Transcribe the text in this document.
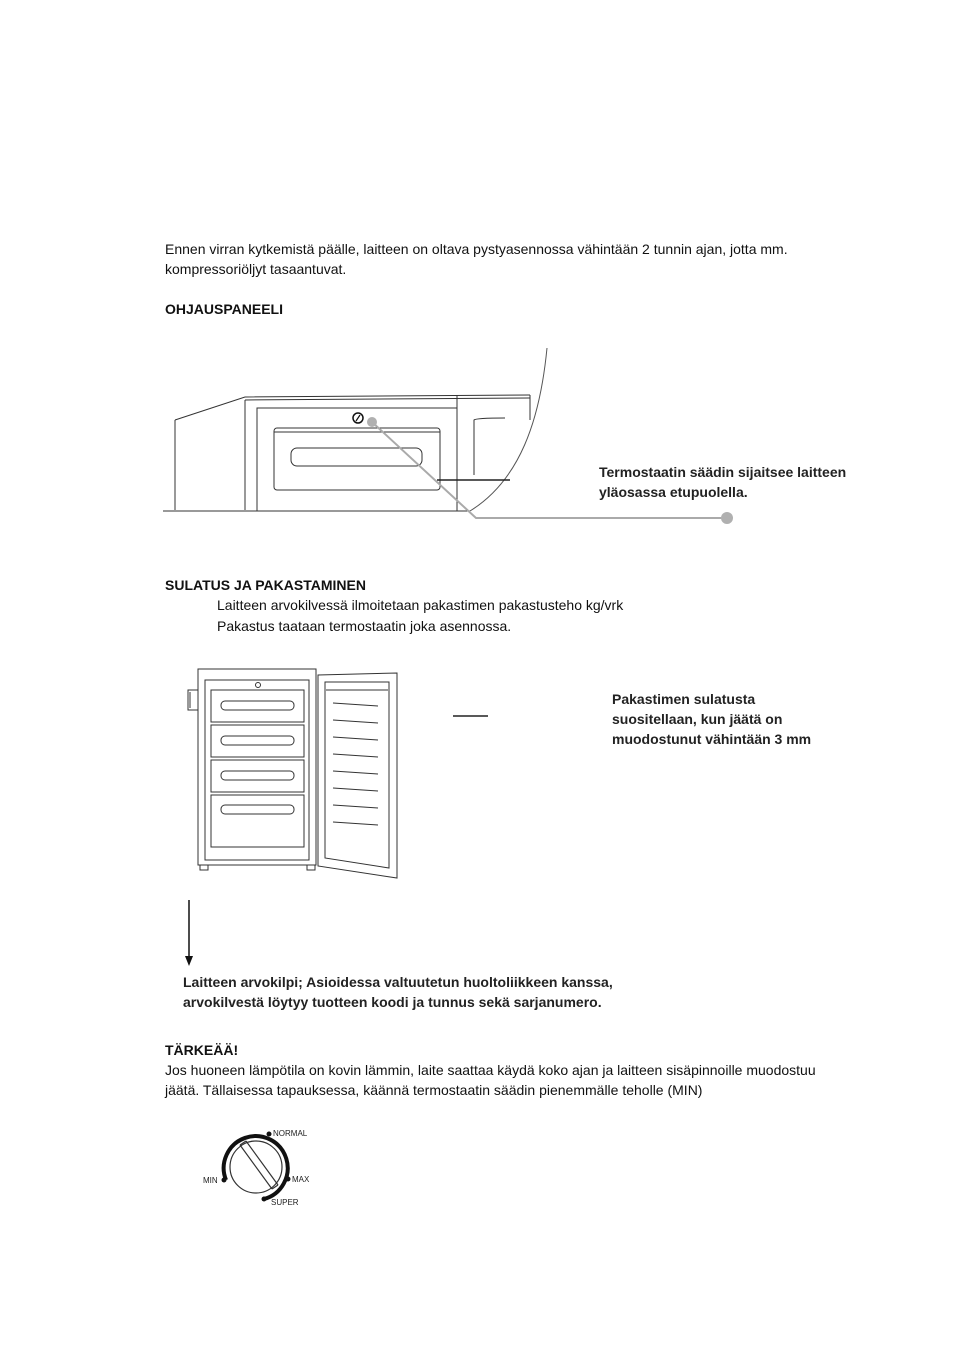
Ennen virran kytkemistä päälle, laitteen on oltava pystyasennossa vähintään 2 tunnin ajan, jotta mm.
kompressoriöljyt tasaantuvat.
OHJAUSPANEELI
Termostaatin säädin sijaitsee laitteen
yläosassa etupuolella.
SULATUS JA PAKASTAMINEN
Laitteen arvokilvessä ilmoitetaan pakastimen pakastusteho kg/vrk
Pakastus taataan termostaatin joka asennossa.
Pakastimen sulatusta
suositellaan, kun jäätä on
muodostunut vähintään 3 mm
Laitteen arvokilpi; Asioidessa valtuutetun huoltoliikkeen kanssa,
arvokilvestä löytyy tuotteen koodi ja tunnus sekä sarjanumero.
TÄRKEÄÄ!
Jos huoneen lämpötila on kovin lämmin, laite saattaa käydä koko ajan ja laitteen sisäpinnoille muodostuu
jäätä. Tällaisessa tapauksessa, käännä termostaatin säädin pienemmälle teholle (MIN)
NORMAL
MAX
SUPER
MIN
